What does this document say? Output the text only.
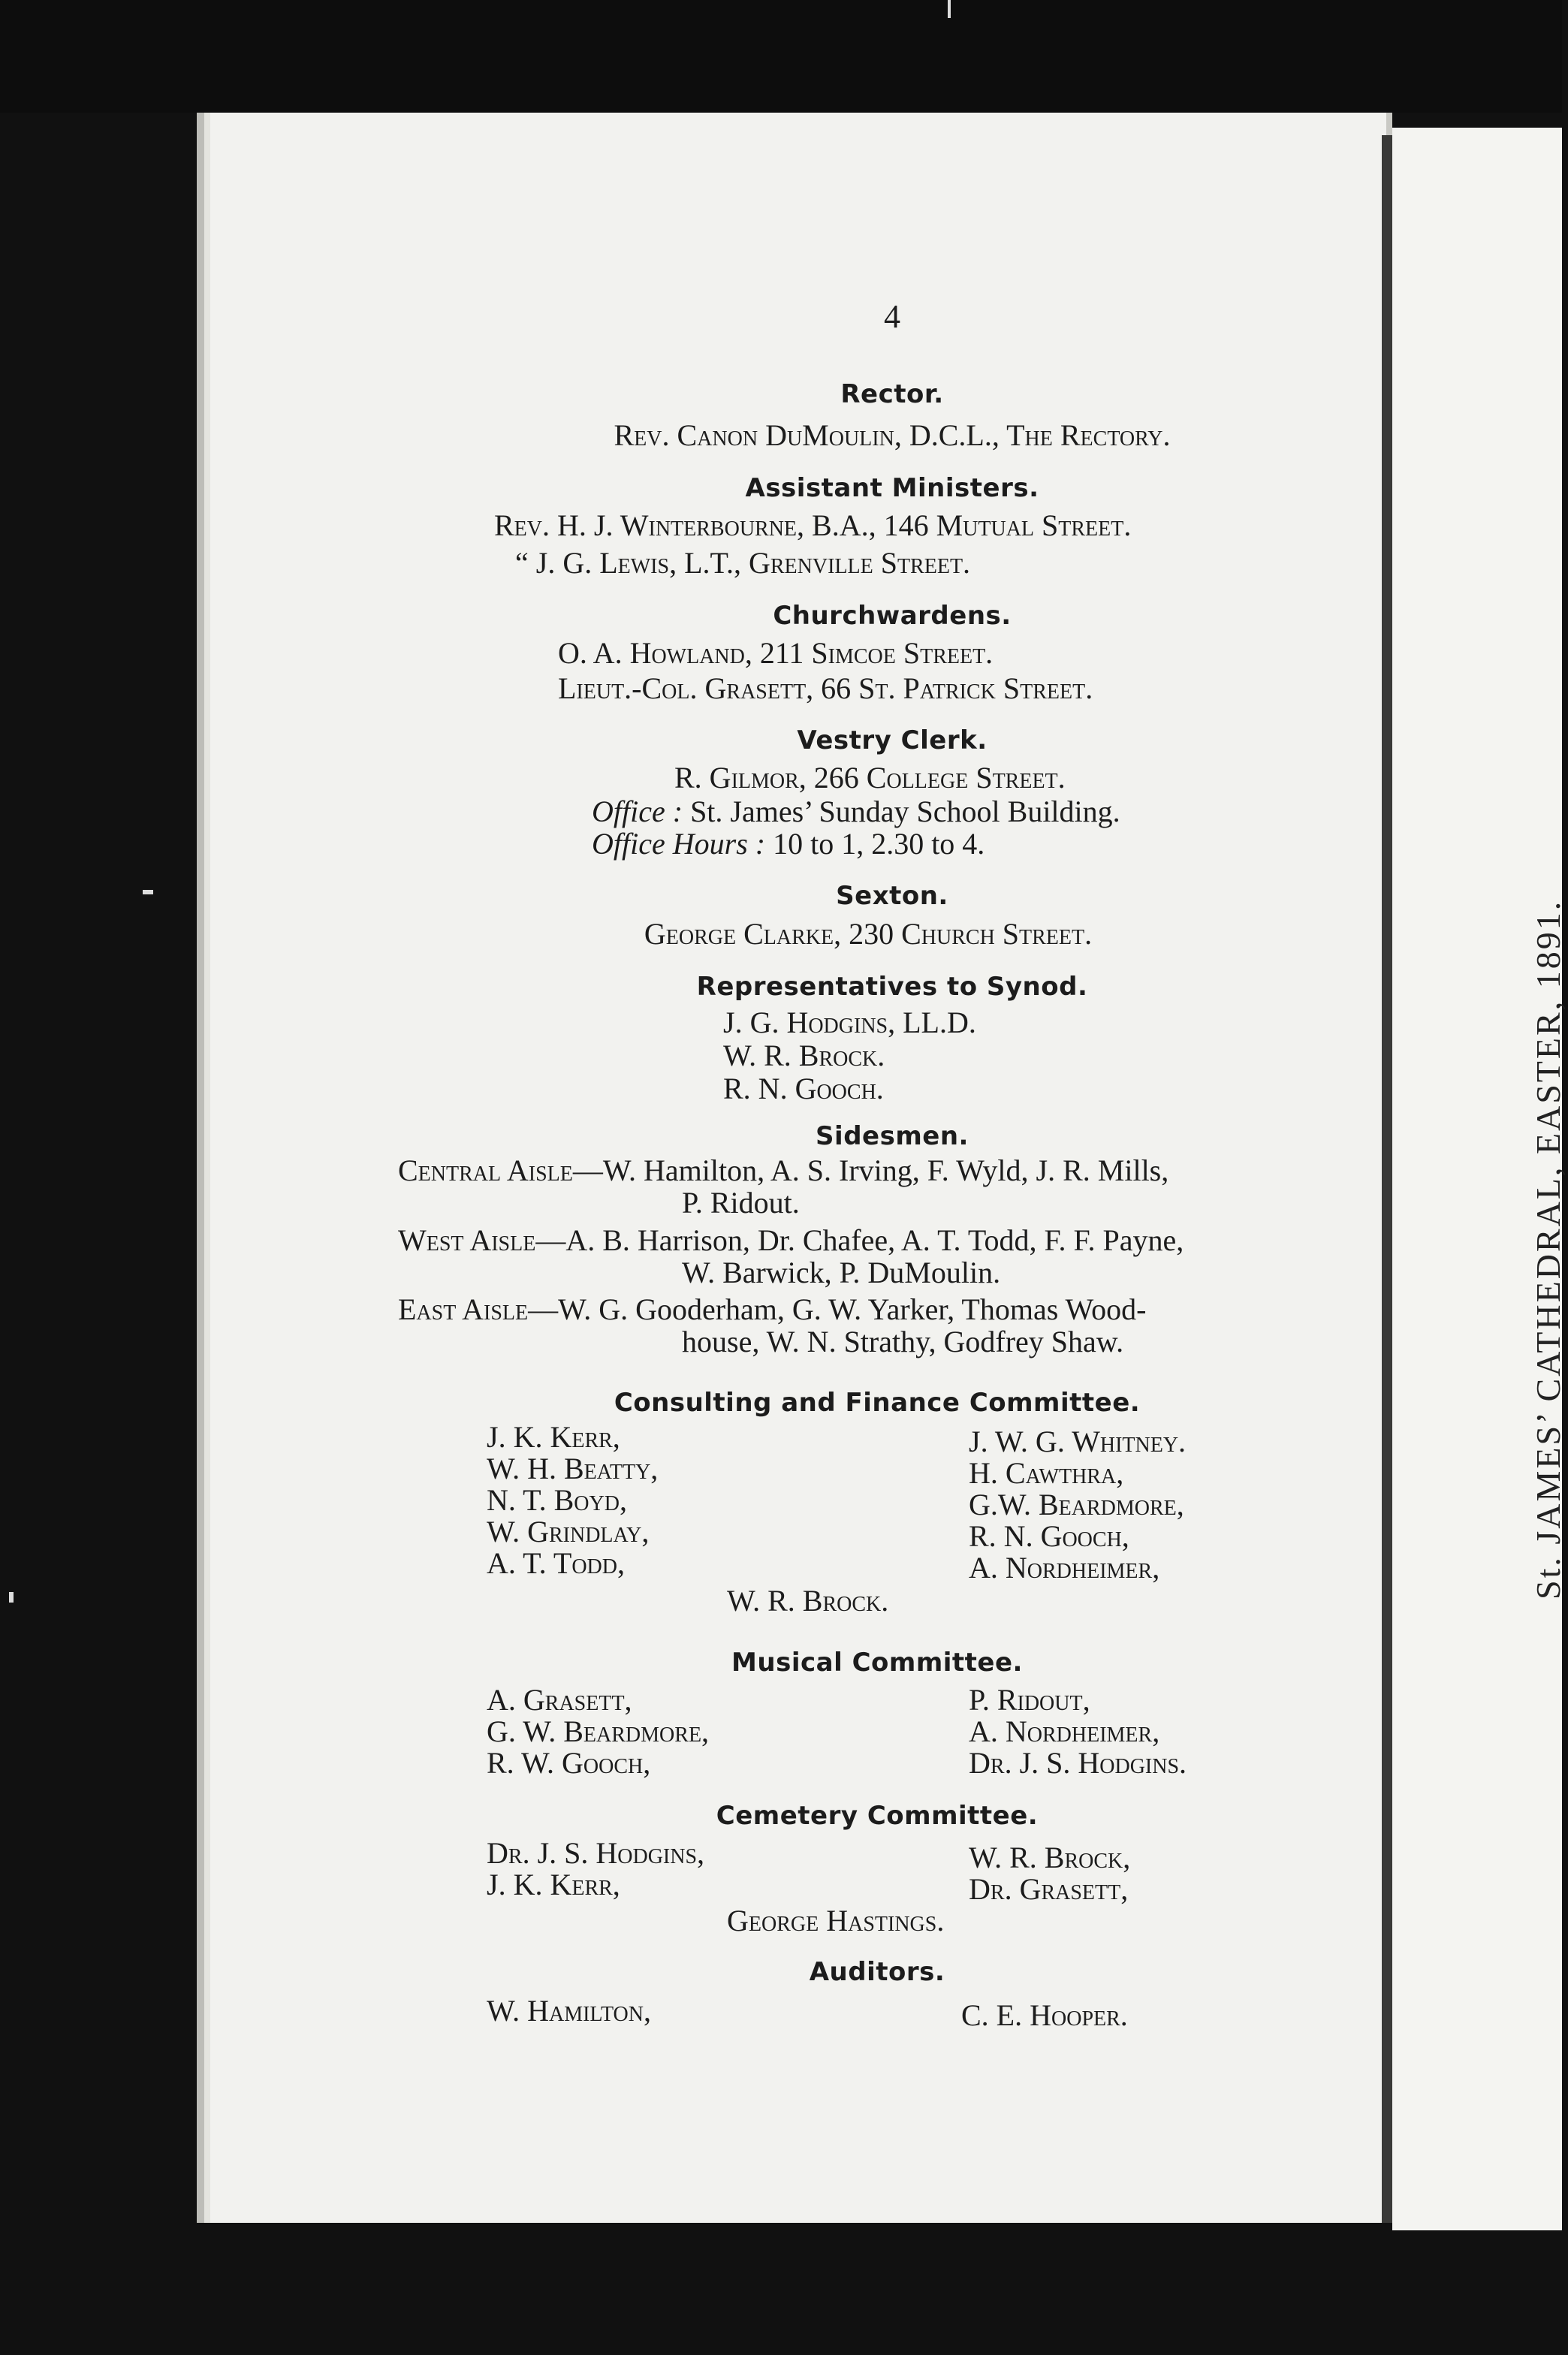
4
Rector.
Rev. Canon DuMoulin, D.C.L., The Rectory.
Assistant Ministers.
Rev. H. J. Winterbourne, B.A., 146 Mutual Street.
“ J. G. Lewis, L.T., Grenville Street.
Churchwardens.
O. A. Howland, 211 Simcoe Street.
Lieut.-Col. Grasett, 66 St. Patrick Street.
Vestry Clerk.
R. Gilmor, 266 College Street.
Office : St. James’ Sunday School Building.
Office Hours : 10 to 1, 2.30 to 4.
Sexton.
George Clarke, 230 Church Street.
Representatives to Synod.
J. G. Hodgins, LL.D.
W. R. Brock.
R. N. Gooch.
Sidesmen.
Central Aisle—W. Hamilton, A. S. Irving, F. Wyld, J. R. Mills,
P. Ridout.
West Aisle—A. B. Harrison, Dr. Chafee, A. T. Todd, F. F. Payne,
W. Barwick, P. DuMoulin.
East Aisle—W. G. Gooderham, G. W. Yarker, Thomas Wood-
house, W. N. Strathy, Godfrey Shaw.
Consulting and Finance Committee.
J. K. Kerr,
W. H. Beatty,
N. T. Boyd,
W. Grindlay,
A. T. Todd,
J. W. G. Whitney.
H. Cawthra,
G.W. Beardmore,
R. N. Gooch,
A. Nordheimer,
W. R. Brock.
Musical Committee.
A. Grasett,
G. W. Beardmore,
R. W. Gooch,
P. Ridout,
A. Nordheimer,
Dr. J. S. Hodgins.
Cemetery Committee.
Dr. J. S. Hodgins,
J. K. Kerr,
W. R. Brock,
Dr. Grasett,
George Hastings.
Auditors.
W. Hamilton,	C. E. Hooper.
St. JAMES’ CATHEDRAL, EASTER, 1891.
